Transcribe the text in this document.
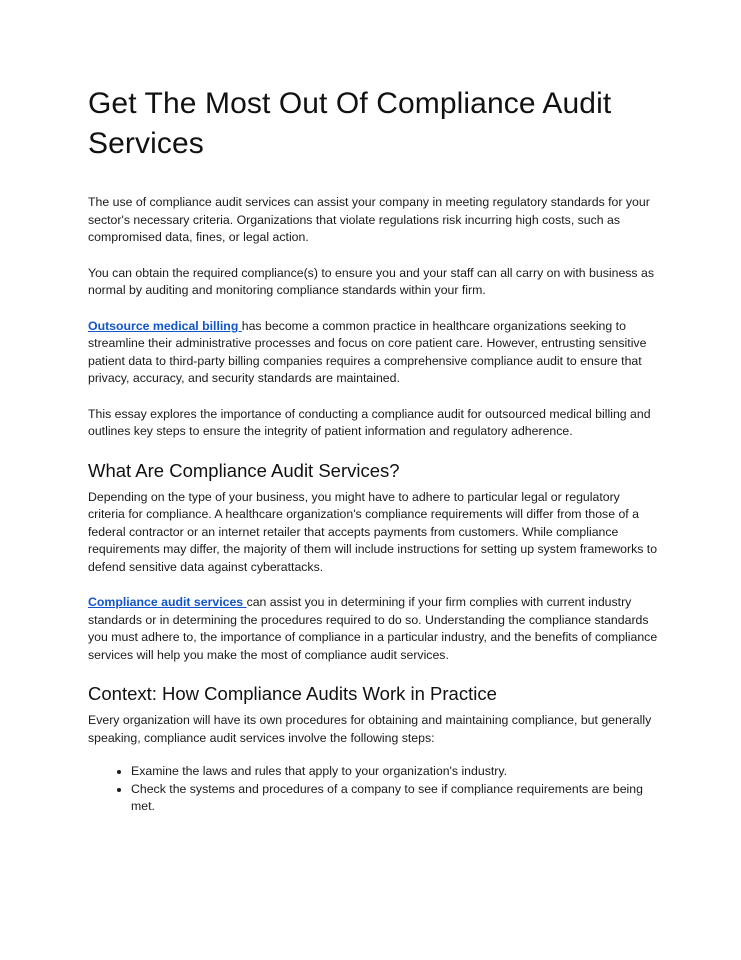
Get The Most Out Of Compliance Audit Services

The use of compliance audit services can assist your company in meeting regulatory standards for your sector's necessary criteria. Organizations that violate regulations risk incurring high costs, such as compromised data, fines, or legal action.

You can obtain the required compliance(s) to ensure you and your staff can all carry on with business as normal by auditing and monitoring compliance standards within your firm.

Outsource medical billing has become a common practice in healthcare organizations seeking to streamline their administrative processes and focus on core patient care. However, entrusting sensitive patient data to third-party billing companies requires a comprehensive compliance audit to ensure that privacy, accuracy, and security standards are maintained.

This essay explores the importance of conducting a compliance audit for outsourced medical billing and outlines key steps to ensure the integrity of patient information and regulatory adherence.

What Are Compliance Audit Services?

Depending on the type of your business, you might have to adhere to particular legal or regulatory criteria for compliance. A healthcare organization's compliance requirements will differ from those of a federal contractor or an internet retailer that accepts payments from customers. While compliance requirements may differ, the majority of them will include instructions for setting up system frameworks to defend sensitive data against cyberattacks.

Compliance audit services can assist you in determining if your firm complies with current industry standards or in determining the procedures required to do so. Understanding the compliance standards you must adhere to, the importance of compliance in a particular industry, and the benefits of compliance services will help you make the most of compliance audit services.

Context: How Compliance Audits Work in Practice

Every organization will have its own procedures for obtaining and maintaining compliance, but generally speaking, compliance audit services involve the following steps:

• Examine the laws and rules that apply to your organization's industry.
• Check the systems and procedures of a company to see if compliance requirements are being met.
